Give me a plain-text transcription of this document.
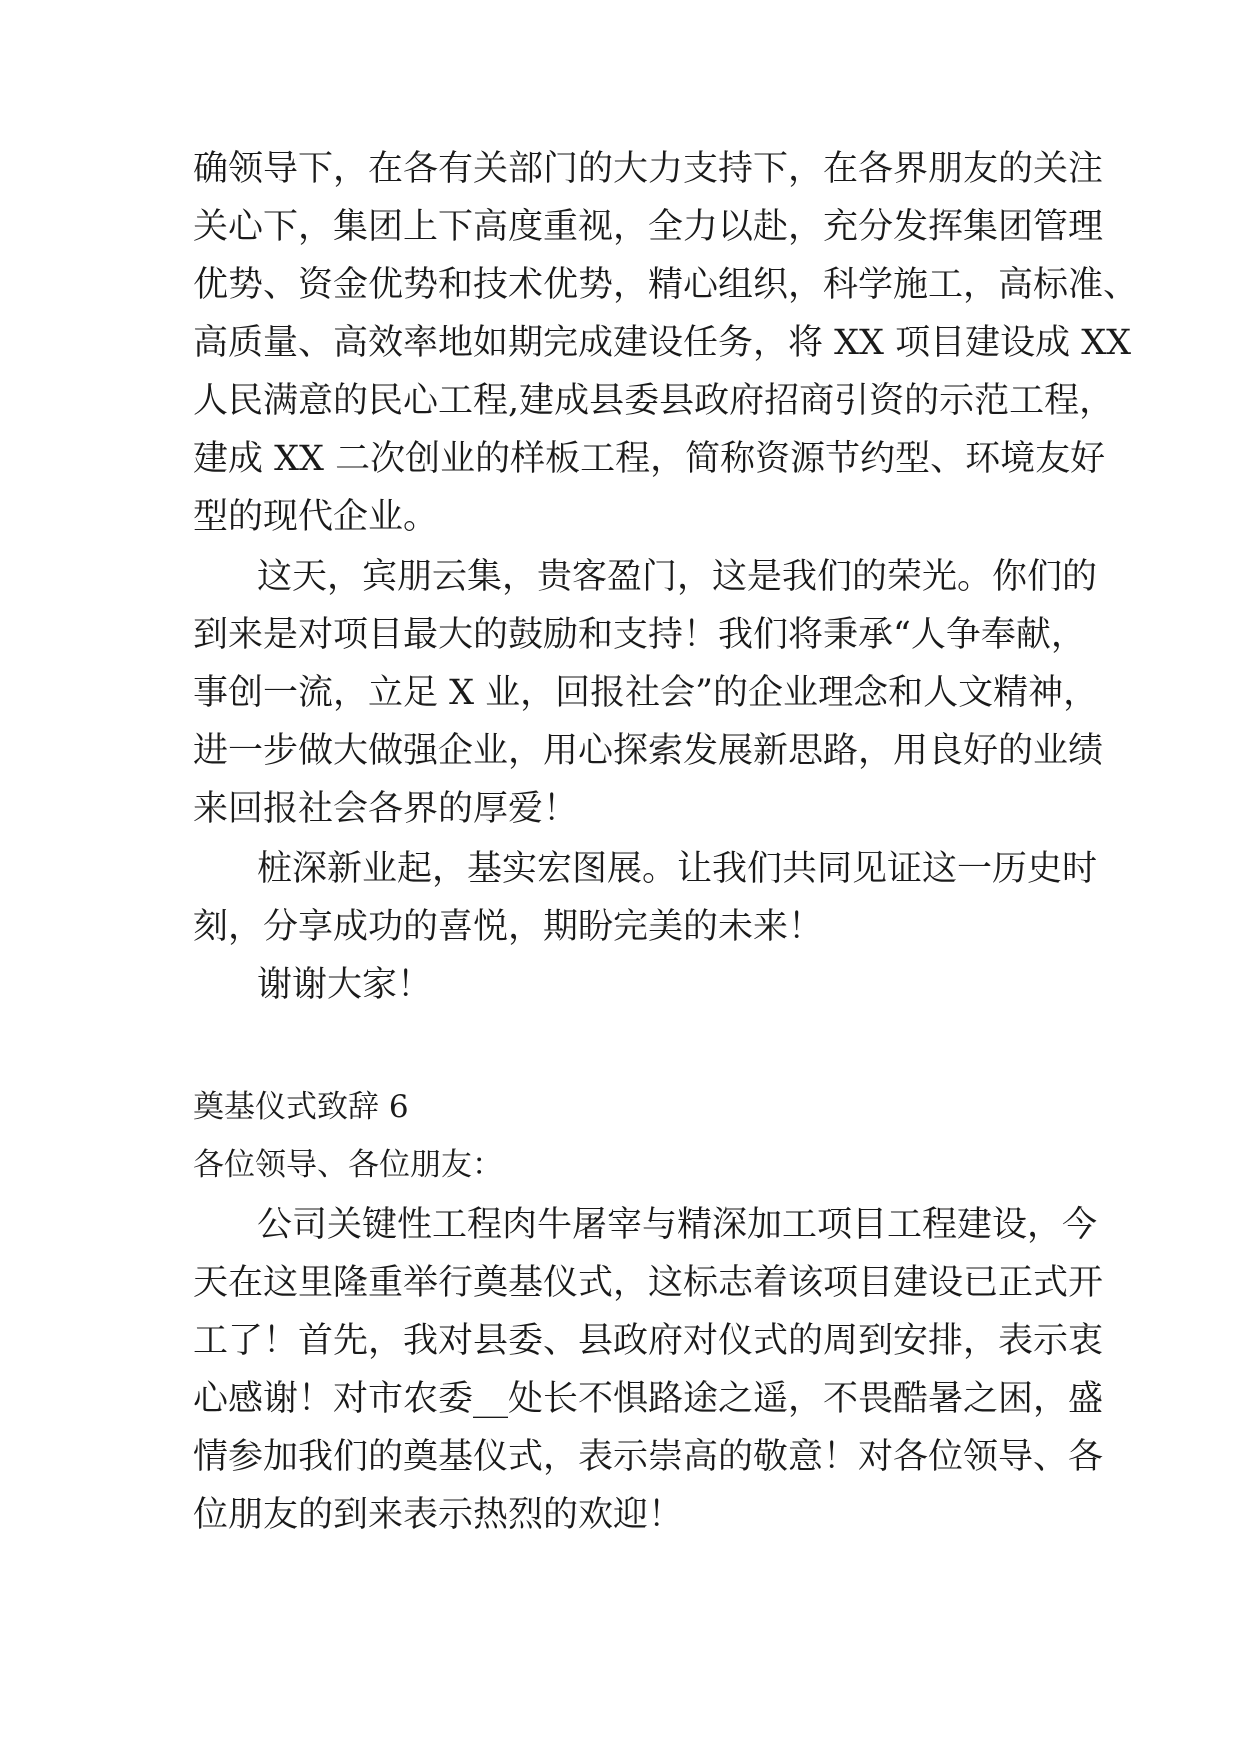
确领导下，在各有关部门的大力支持下，在各界朋友的关注

关心下，集团上下高度重视，全力以赴，充分发挥集团管理

优势、资金优势和技术优势，精心组织，科学施工，高标准、

高质量、高效率地如期完成建设任务，将 XX 项目建设成 XX

人民满意的民心工程,建成县委县政府招商引资的示范工程，

建成 XX 二次创业的样板工程，简称资源节约型、环境友好

型的现代企业。

这天，宾朋云集，贵客盈门，这是我们的荣光。你们的

到来是对项目最大的鼓励和支持！我们将秉承“人争奉献，

事创一流，立足 X 业，回报社会”的企业理念和人文精神，

进一步做大做强企业，用心探索发展新思路，用良好的业绩

来回报社会各界的厚爱！

桩深新业起，基实宏图展。让我们共同见证这一历史时

刻，分享成功的喜悦，期盼完美的未来！

谢谢大家！

奠基仪式致辞 6

各位领导、各位朋友：

公司关键性工程肉牛屠宰与精深加工项目工程建设，今

天在这里隆重举行奠基仪式，这标志着该项目建设已正式开

工了！首先，我对县委、县政府对仪式的周到安排，表示衷

心感谢！对市农委__处长不惧路途之遥，不畏酷暑之困，盛

情参加我们的奠基仪式，表示崇高的敬意！对各位领导、各

位朋友的到来表示热烈的欢迎！
